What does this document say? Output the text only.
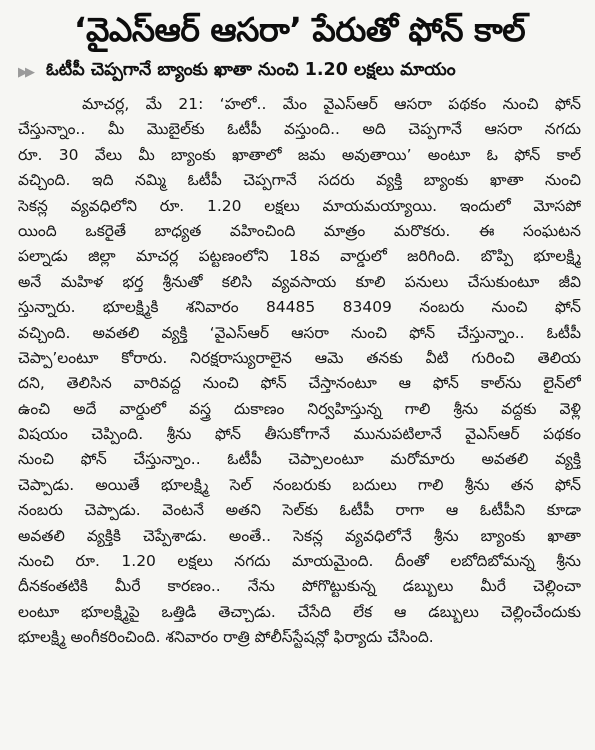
‘వైఎస్‌ఆర్ ఆసరా’ పేరుతో ఫోన్ కాల్
▶▶ ఓటీపీ చెప్పగానే బ్యాంకు ఖాతా నుంచి 1.20 లక్షలు మాయం
మాచర్ల, మే 21: ‘హలో.. మేం వైఎస్‌ఆర్ ఆసరా పథకం నుంచి ఫోన్
చేస్తున్నాం.. మీ మొబైల్‌కు ఓటీపీ వస్తుంది.. అది చెప్పగానే ఆసరా నగదు
రూ. 30 వేలు మీ బ్యాంకు ఖాతాలో జమ అవుతాయి’ అంటూ ఓ ఫోన్ కాల్
వచ్చింది. ఇది నమ్మి ఓటీపీ చెప్పగానే సదరు వ్యక్తి బ్యాంకు ఖాతా నుంచి
సెకన్ల వ్యవధిలోని రూ. 1.20 లక్షలు మాయమయ్యాయి. ఇందులో మోసపో
యింది ఒకరైతే బాధ్యత వహించింది మాత్రం మరొకరు. ఈ సంఘటన
పల్నాడు జిల్లా మాచర్ల పట్టణంలోని 18వ వార్డులో జరిగింది. బొప్పి భూలక్ష్మి
అనే మహిళ భర్త శ్రీనుతో కలిసి వ్యవసాయ కూలి పనులు చేసుకుంటూ జీవి
స్తున్నారు. భూలక్ష్మికి శనివారం 84485 83409 నంబరు నుంచి ఫోన్
వచ్చింది. అవతలి వ్యక్తి ‘వైఎస్‌ఆర్ ఆసరా నుంచి ఫోన్ చేస్తున్నాం.. ఓటీపీ
చెప్పా’లంటూ కోరారు. నిరక్షరాస్యురాలైన ఆమె తనకు వీటి గురించి తెలియ
దని, తెలిసిన వారివద్ద నుంచి ఫోన్ చేస్తానంటూ ఆ ఫోన్ కాల్‌ను లైన్‌లో
ఉంచి అదే వార్డులో వస్త్ర దుకాణం నిర్వహిస్తున్న గాలి శ్రీను వద్దకు వెళ్లి
విషయం చెప్పింది. శ్రీను ఫోన్ తీసుకోగానే మునుపటిలానే వైఎస్‌ఆర్ పథకం
నుంచి ఫోన్ చేస్తున్నాం.. ఓటీపీ చెప్పాలంటూ మరోమారు అవతలి వ్యక్తి
చెప్పాడు. అయితే భూలక్ష్మి సెల్ నంబరుకు బదులు గాలి శ్రీను తన ఫోన్
నంబరు చెప్పాడు. వెంటనే అతని సెల్‌కు ఓటీపీ రాగా ఆ ఓటీపీని కూడా
అవతలి వ్యక్తికి చెప్పేశాడు. అంతే.. సెకన్ల వ్యవధిలోనే శ్రీను బ్యాంకు ఖాతా
నుంచి రూ. 1.20 లక్షలు నగదు మాయమైంది. దీంతో లబోదిబోమన్న శ్రీను
దీనకంతటికి మీరే కారణం.. నేను పోగొట్టుకున్న డబ్బులు మీరే చెల్లించా
లంటూ భూలక్ష్మిపై ఒత్తిడి తెచ్చాడు. చేసేది లేక ఆ డబ్బులు చెల్లించేందుకు
భూలక్ష్మి అంగీకరించింది. శనివారం రాత్రి పోలీస్‌స్టేషన్లో ఫిర్యాదు చేసింది.
